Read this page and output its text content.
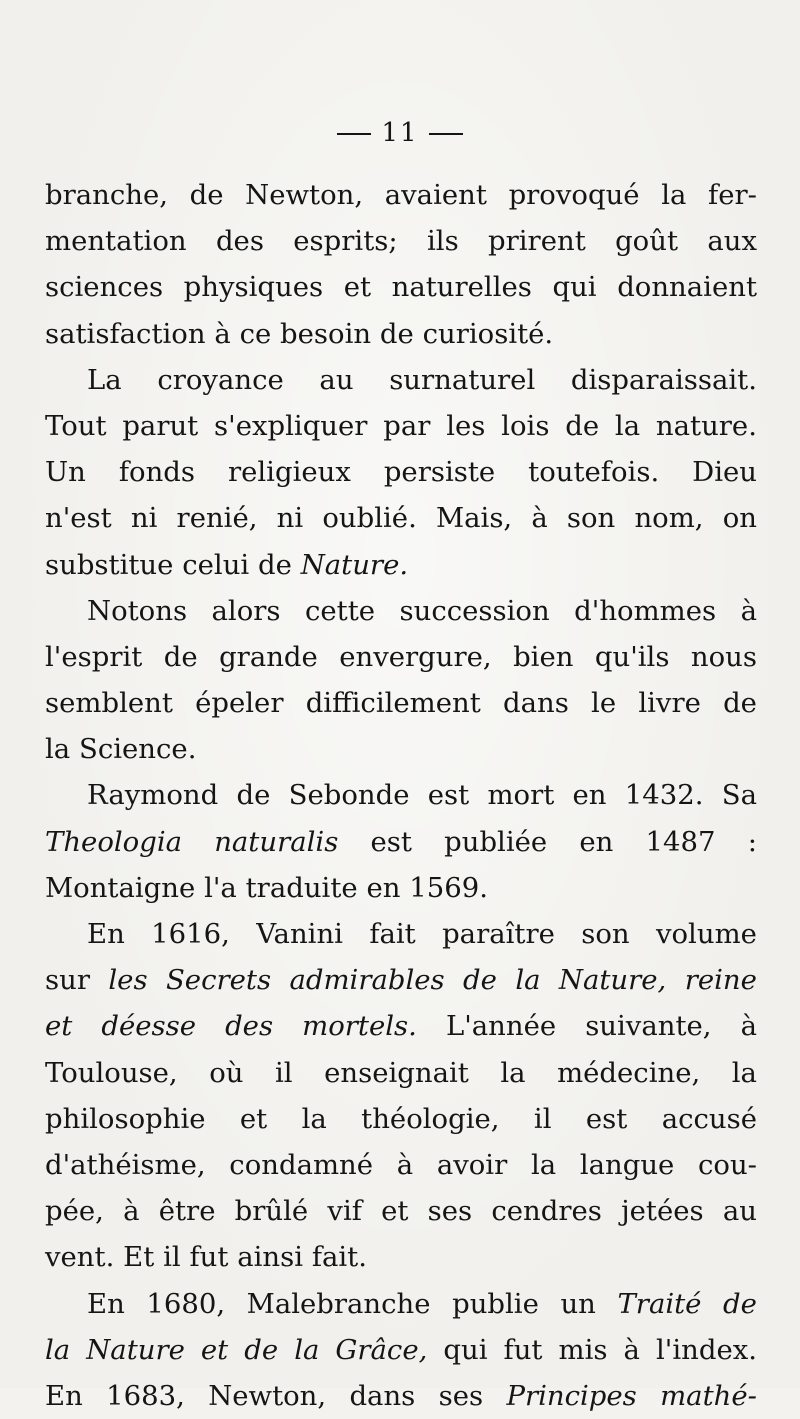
11
branche, de Newton, avaient provoqué la fer-
mentation des esprits; ils prirent goût aux
sciences physiques et naturelles qui donnaient
satisfaction à ce besoin de curiosité.
La croyance au surnaturel disparaissait.
Tout parut s'expliquer par les lois de la nature.
Un fonds religieux persiste toutefois. Dieu
n'est ni renié, ni oublié. Mais, à son nom, on
substitue celui de Nature.
Notons alors cette succession d'hommes à
l'esprit de grande envergure, bien qu'ils nous
semblent épeler difficilement dans le livre de
la Science.
Raymond de Sebonde est mort en 1432. Sa
Theologia naturalis est publiée en 1487 :
Montaigne l'a traduite en 1569.
En 1616, Vanini fait paraître son volume
sur les Secrets admirables de la Nature, reine
et déesse des mortels. L'année suivante, à
Toulouse, où il enseignait la médecine, la
philosophie et la théologie, il est accusé
d'athéisme, condamné à avoir la langue cou-
pée, à être brûlé vif et ses cendres jetées au
vent. Et il fut ainsi fait.
En 1680, Malebranche publie un Traité de
la Nature et de la Grâce, qui fut mis à l'index.
En 1683, Newton, dans ses Principes mathé-
